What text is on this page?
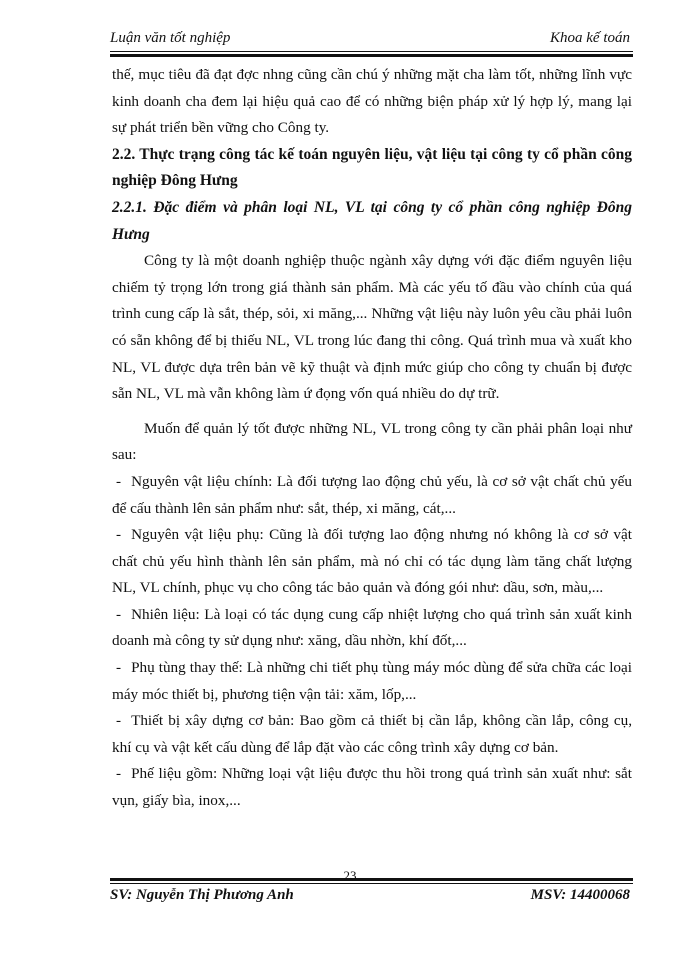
Luận văn tốt nghiệp	Khoa kế toán

thế, mục tiêu đã đạt đợc nhng cũng cần chú ý những mặt cha làm tốt, những lĩnh vực kinh doanh cha đem lại hiệu quả cao để có những biện pháp xử lý hợp lý, mang lại sự phát triển bền vững cho Công ty.

2.2. Thực trạng công tác kế toán nguyên liệu, vật liệu tại công ty cổ phần công nghiệp Đông Hưng

2.2.1. Đặc điểm và phân loại NL, VL tại công ty cổ phần công nghiệp Đông Hưng

Công ty là một doanh nghiệp thuộc ngành xây dựng với đặc điểm nguyên liệu chiếm tỷ trọng lớn trong giá thành sản phẩm. Mà các yếu tố đầu vào chính của quá trình cung cấp là sắt, thép, sỏi, xi măng,... Những vật liệu này luôn yêu cầu phải luôn có sẵn không để bị thiếu NL, VL trong lúc đang thi công. Quá trình mua và xuất kho NL, VL được dựa trên bản vẽ kỹ thuật và định mức giúp cho công ty chuẩn bị được sẵn NL, VL mà vẫn không làm ứ đọng vốn quá nhiều do dự trữ.

Muốn để quản lý tốt được những NL, VL trong công ty cần phải phân loại như sau:

- Nguyên vật liệu chính: Là đối tượng lao động chủ yếu, là cơ sở vật chất chủ yếu để cấu thành lên sản phẩm như: sắt, thép, xi măng, cát,...

- Nguyên vật liệu phụ: Cũng là đối tượng lao động nhưng nó không là cơ sở vật chất chủ yếu hình thành lên sản phẩm, mà nó chỉ có tác dụng làm tăng chất lượng NL, VL chính, phục vụ cho công tác bảo quản và đóng gói như: dầu, sơn, màu,...

- Nhiên liệu: Là loại có tác dụng cung cấp nhiệt lượng cho quá trình sản xuất kinh doanh mà công ty sử dụng như: xăng, dầu nhờn, khí đốt,...

- Phụ tùng thay thế: Là những chi tiết phụ tùng máy móc dùng để sửa chữa các loại máy móc thiết bị, phương tiện vận tải: xăm, lốp,...

- Thiết bị xây dựng cơ bản: Bao gồm cả thiết bị cần lắp, không cần lắp, công cụ, khí cụ và vật kết cấu dùng để lắp đặt vào các công trình xây dựng cơ bản.

- Phế liệu gồm: Những loại vật liệu được thu hồi trong quá trình sản xuất như: sắt vụn, giấy bìa, inox,...

23
SV: Nguyễn Thị Phương Anh	MSV: 14400068
